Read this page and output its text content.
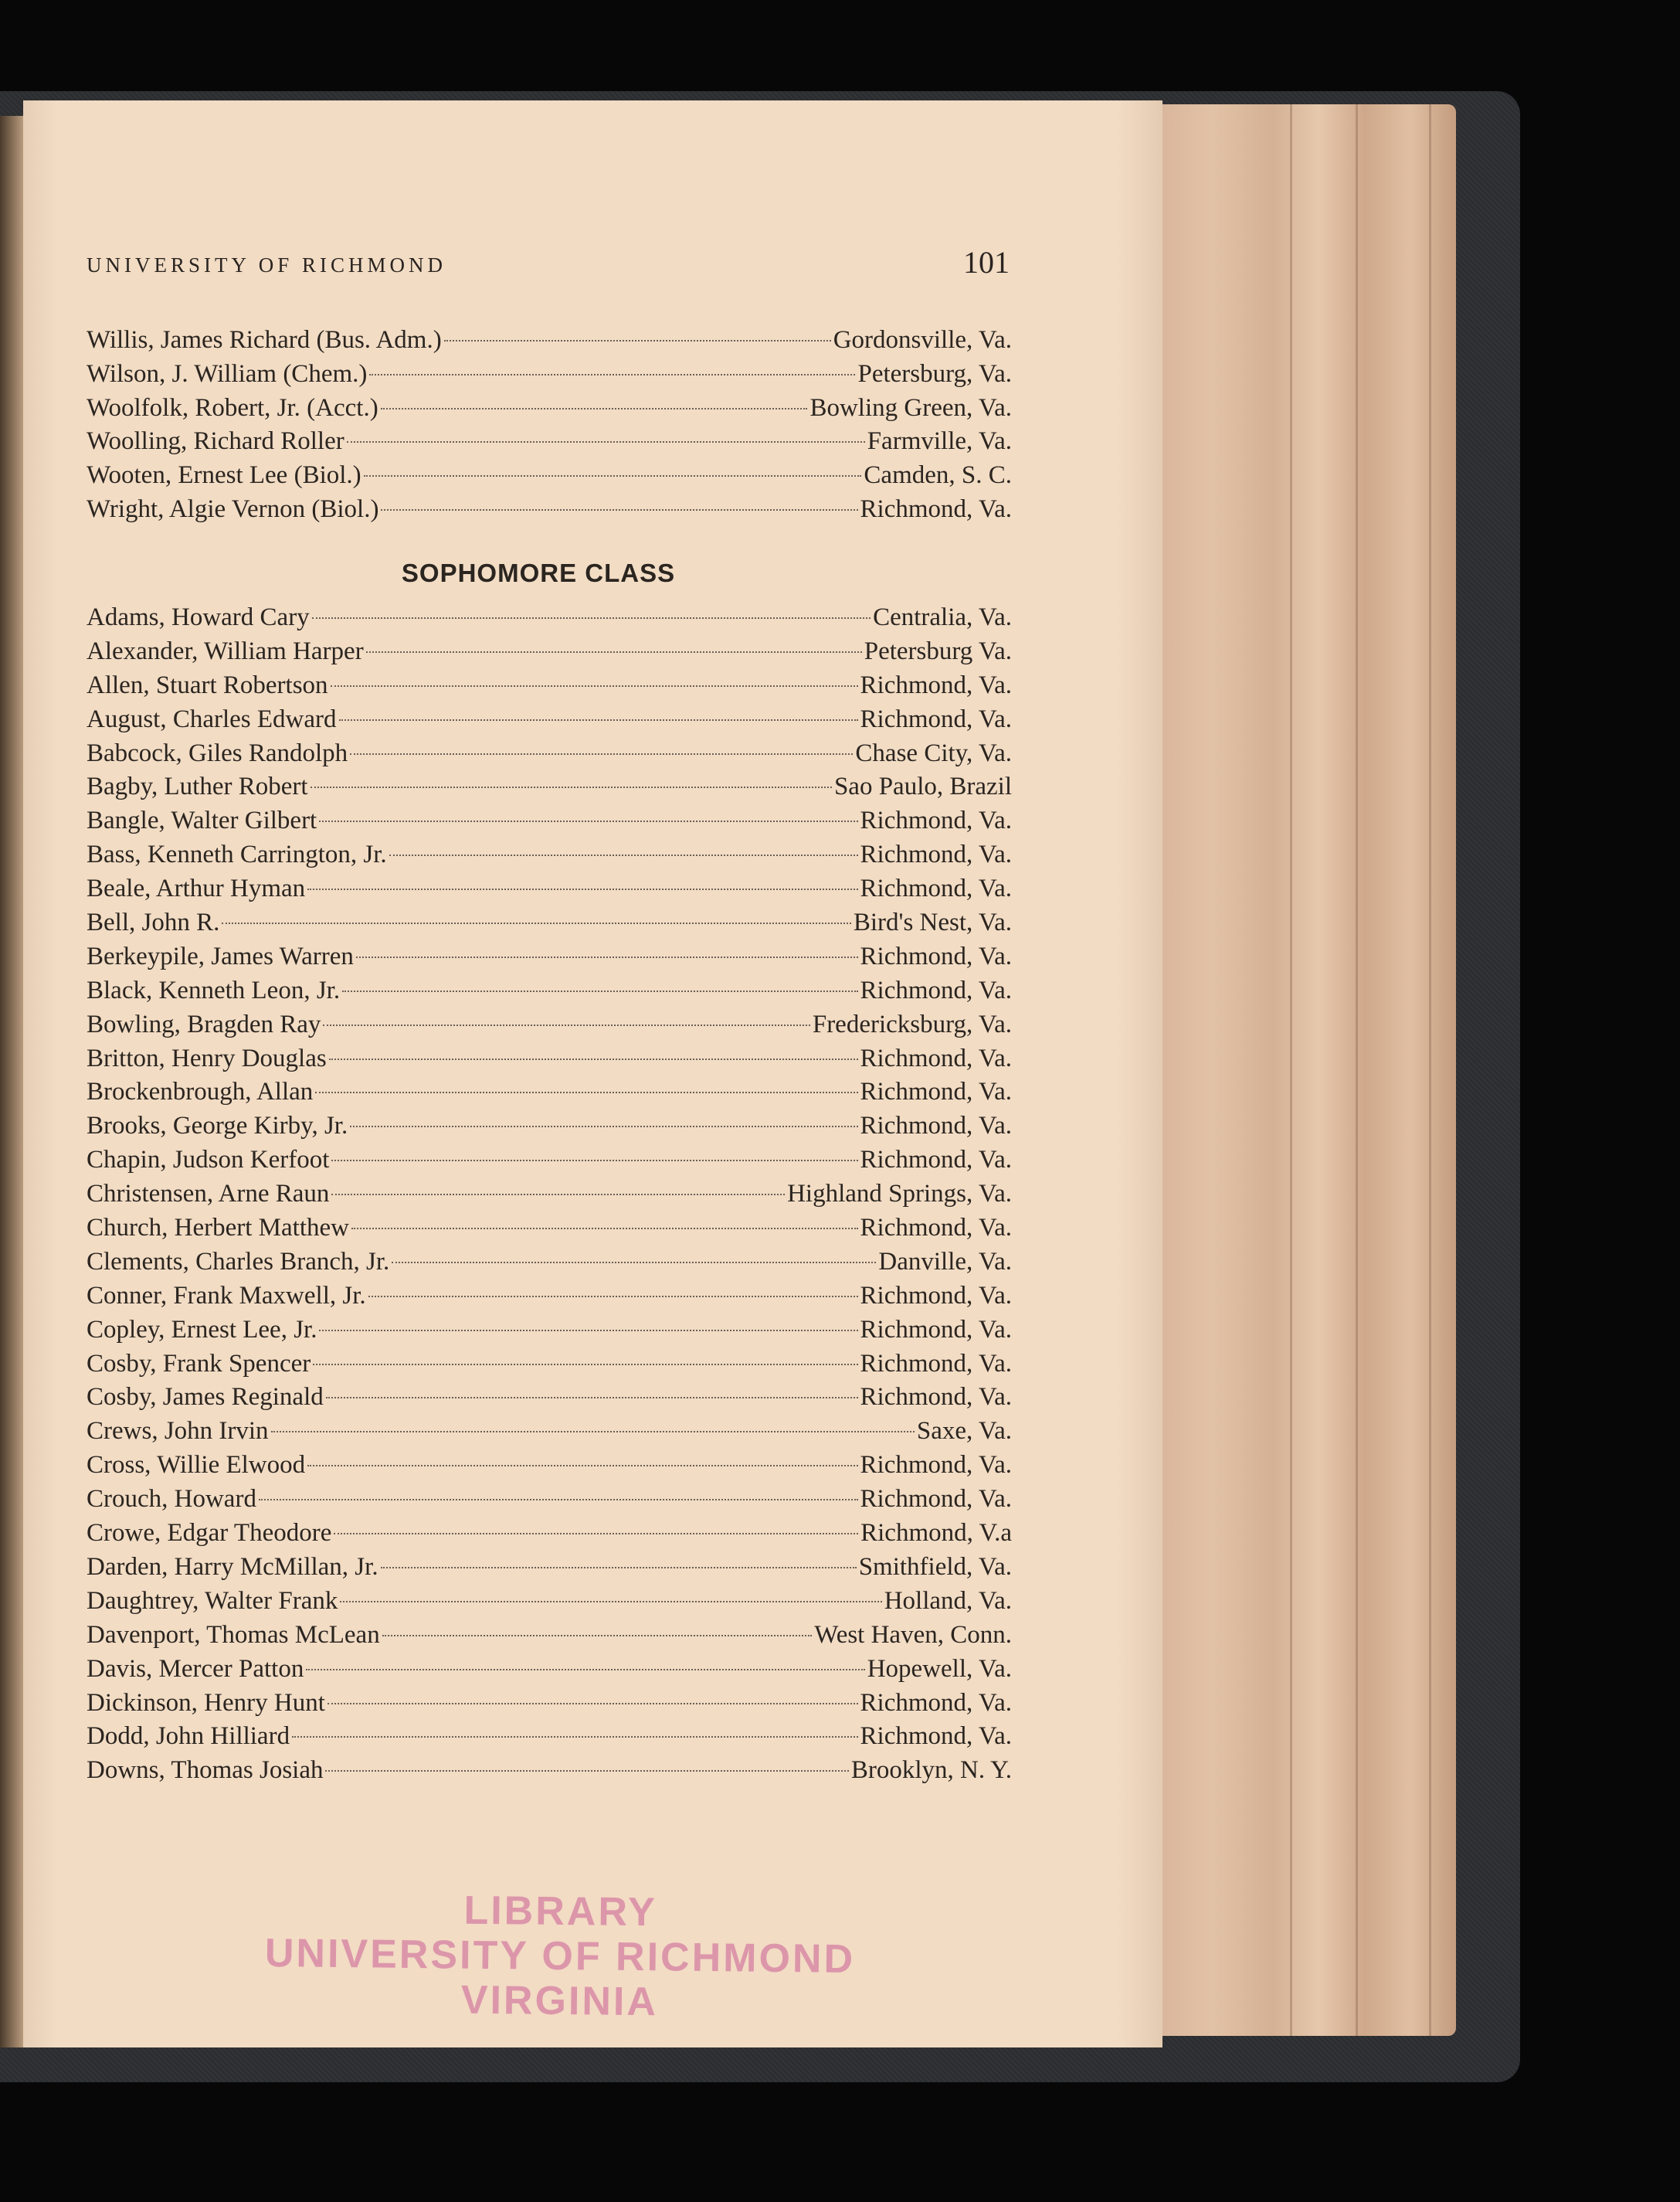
UNIVERSITY OF RICHMOND	101
Willis, James Richard (Bus. Adm.)	Gordonsville, Va.
Wilson, J. William (Chem.)	Petersburg, Va.
Woolfolk, Robert, Jr. (Acct.)	Bowling Green, Va.
Woolling, Richard Roller	Farmville, Va.
Wooten, Ernest Lee (Biol.)	Camden, S. C.
Wright, Algie Vernon (Biol.)	Richmond, Va.
SOPHOMORE CLASS
Adams, Howard Cary	Centralia, Va.
Alexander, William Harper	Petersburg Va.
Allen, Stuart Robertson	Richmond, Va.
August, Charles Edward	Richmond, Va.
Babcock, Giles Randolph	Chase City, Va.
Bagby, Luther Robert	Sao Paulo, Brazil
Bangle, Walter Gilbert	Richmond, Va.
Bass, Kenneth Carrington, Jr.	Richmond, Va.
Beale, Arthur Hyman	Richmond, Va.
Bell, John R.	Bird's Nest, Va.
Berkeypile, James Warren	Richmond, Va.
Black, Kenneth Leon, Jr.	Richmond, Va.
Bowling, Bragden Ray	Fredericksburg, Va.
Britton, Henry Douglas	Richmond, Va.
Brockenbrough, Allan	Richmond, Va.
Brooks, George Kirby, Jr.	Richmond, Va.
Chapin, Judson Kerfoot	Richmond, Va.
Christensen, Arne Raun	Highland Springs, Va.
Church, Herbert Matthew	Richmond, Va.
Clements, Charles Branch, Jr.	Danville, Va.
Conner, Frank Maxwell, Jr.	Richmond, Va.
Copley, Ernest Lee, Jr.	Richmond, Va.
Cosby, Frank Spencer	Richmond, Va.
Cosby, James Reginald	Richmond, Va.
Crews, John Irvin	Saxe, Va.
Cross, Willie Elwood	Richmond, Va.
Crouch, Howard	Richmond, Va.
Crowe, Edgar Theodore	Richmond, V.a
Darden, Harry McMillan, Jr.	Smithfield, Va.
Daughtrey, Walter Frank	Holland, Va.
Davenport, Thomas McLean	West Haven, Conn.
Davis, Mercer Patton	Hopewell, Va.
Dickinson, Henry Hunt	Richmond, Va.
Dodd, John Hilliard	Richmond, Va.
Downs, Thomas Josiah	Brooklyn, N. Y.
LIBRARY
UNIVERSITY OF RICHMOND
VIRGINIA
